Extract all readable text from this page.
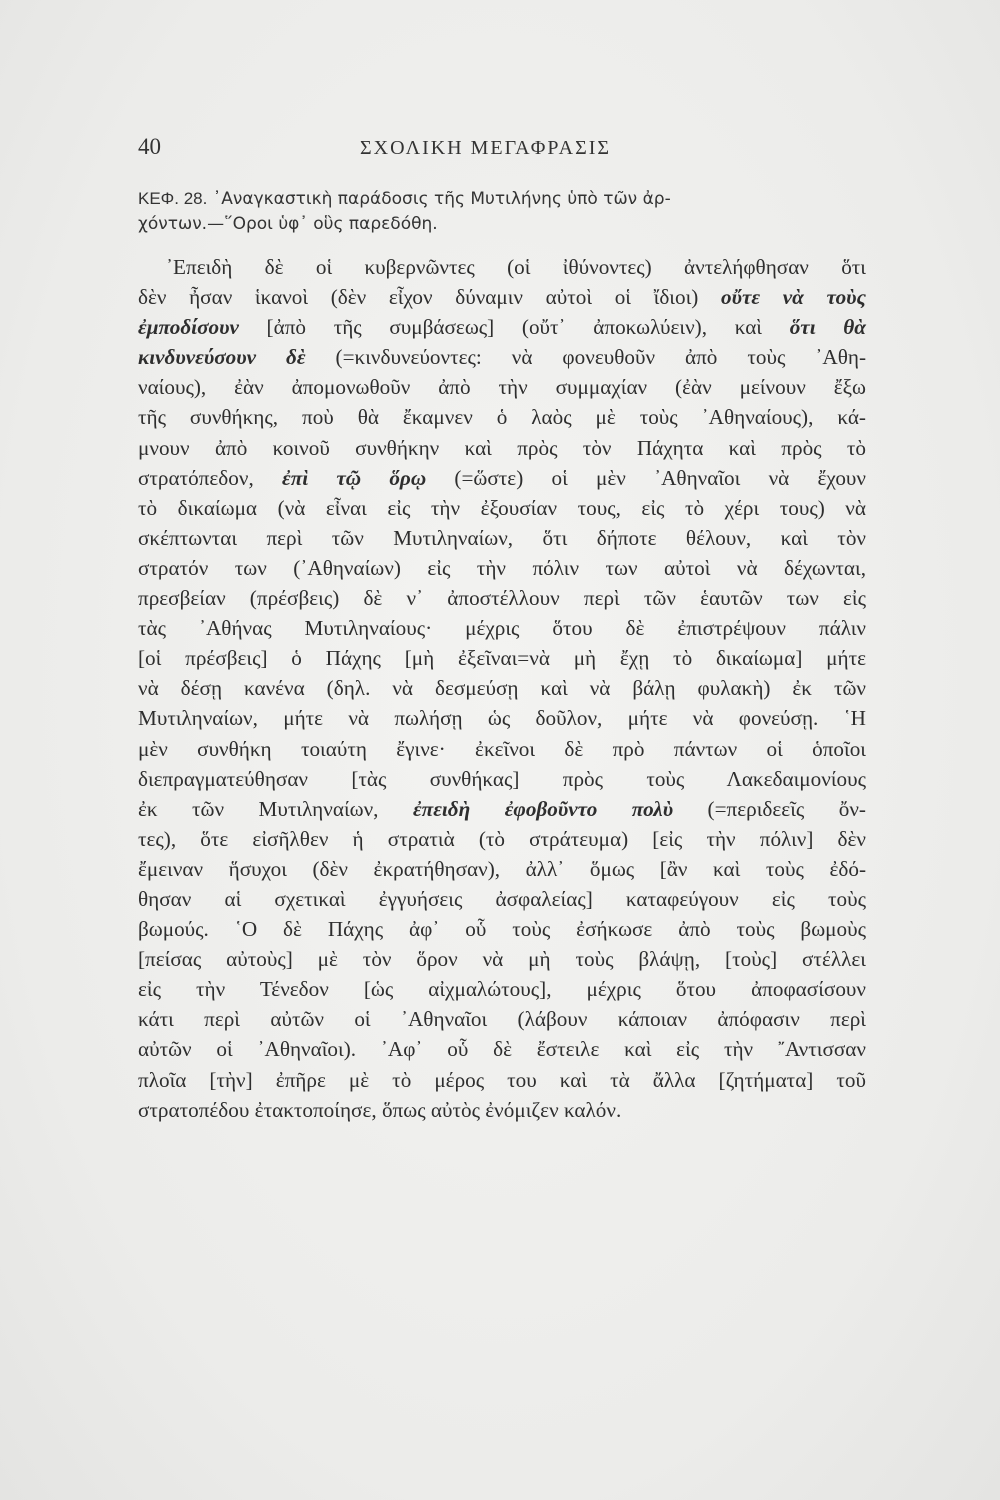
40	ΣΧΟΛΙΚΗ ΜΕΓΑΦΡΑΣΙΣ
ΚΕΦ. 28. ᾿Αναγκαστικὴ παράδοσις τῆς Μυτιλήνης ὑπὸ τῶν ἀρ-
χόντων.—῞Οροι ὑφ᾿ οὓς παρεδόθη.
᾿Επειδὴ δὲ οἱ κυβερνῶντες (οἱ ἰθύνοντες) ἀντελήφθησαν ὅτι
δὲν ἦσαν ἱκανοὶ (δὲν εἶχον δύναμιν αὐτοὶ οἱ ἴδιοι) οὔτε νὰ τοὺς
ἐμποδίσουν [ἀπὸ τῆς συμβάσεως] (οὔτ᾿ ἀποκωλύειν), καὶ ὅτι θὰ
κινδυνεύσουν δὲ (=κινδυνεύοντες: νὰ φονευθοῦν ἀπὸ τοὺς ᾿Αθη-
ναίους), ἐὰν ἀπομονωθοῦν ἀπὸ τὴν συμμαχίαν (ἐὰν μείνουν ἔξω
τῆς συνθήκης, ποὺ θὰ ἔκαμνεν ὁ λαὸς μὲ τοὺς ᾿Αθηναίους), κά-
μνουν ἀπὸ κοινοῦ συνθήκην καὶ πρὸς τὸν Πάχητα καὶ πρὸς τὸ
στρατόπεδον, ἐπὶ τῷ ὅρῳ (=ὥστε) οἱ μὲν ᾿Αθηναῖοι νὰ ἔχουν
τὸ δικαίωμα (νὰ εἶναι εἰς τὴν ἐξουσίαν τους, εἰς τὸ χέρι τους) νὰ
σκέπτωνται περὶ τῶν Μυτιληναίων, ὅτι δήποτε θέλουν, καὶ τὸν
στρατόν των (᾿Αθηναίων) εἰς τὴν πόλιν των αὐτοὶ νὰ δέχωνται,
πρεσβείαν (πρέσβεις) δὲ ν᾿ ἀποστέλλουν περὶ τῶν ἑαυτῶν των εἰς
τὰς ᾿Αθήνας Μυτιληναίους· μέχρις ὅτου δὲ ἐπιστρέψουν πάλιν
[οἱ πρέσβεις] ὁ Πάχης [μὴ ἐξεῖναι=νὰ μὴ ἔχῃ τὸ δικαίωμα] μήτε
νὰ δέσῃ κανένα (δηλ. νὰ δεσμεύσῃ καὶ νὰ βάλῃ φυλακὴ) ἐκ τῶν
Μυτιληναίων, μήτε νὰ πωλήσῃ ὡς δοῦλον, μήτε νὰ φονεύσῃ. ῾Η
μὲν συνθήκη τοιαύτη ἔγινε· ἐκεῖνοι δὲ πρὸ πάντων οἱ ὁποῖοι
διεπραγματεύθησαν [τὰς συνθήκας] πρὸς τοὺς Λακεδαιμονίους
ἐκ τῶν Μυτιληναίων, ἐπειδὴ ἐφοβοῦντο πολὺ (=περιδεεῖς ὄν-
τες), ὅτε εἰσῆλθεν ἡ στρατιὰ (τὸ στράτευμα) [εἰς τὴν πόλιν] δὲν
ἔμειναν ἥσυχοι (δὲν ἐκρατήθησαν), ἀλλ᾿ ὅμως [ἂν καὶ τοὺς ἐδό-
θησαν αἱ σχετικαὶ ἐγγυήσεις ἀσφαλείας] καταφεύγουν εἰς τοὺς
βωμούς. ῾Ο δὲ Πάχης ἀφ᾿ οὗ τοὺς ἐσήκωσε ἀπὸ τοὺς βωμοὺς
[πείσας αὐτοὺς] μὲ τὸν ὅρον νὰ μὴ τοὺς βλάψῃ, [τοὺς] στέλλει
εἰς τὴν Τένεδον [ὡς αἰχμαλώτους], μέχρις ὅτου ἀποφασίσουν
κάτι περὶ αὐτῶν οἱ ᾿Αθηναῖοι (λάβουν κάποιαν ἀπόφασιν περὶ
αὐτῶν οἱ ᾿Αθηναῖοι). ᾿Αφ᾿ οὗ δὲ ἔστειλε καὶ εἰς τὴν ῎Αντισσαν
πλοῖα [τὴν] ἐπῆρε μὲ τὸ μέρος του καὶ τὰ ἄλλα [ζητήματα] τοῦ
στρατοπέδου ἐτακτοποίησε, ὅπως αὐτὸς ἐνόμιζεν καλόν.
